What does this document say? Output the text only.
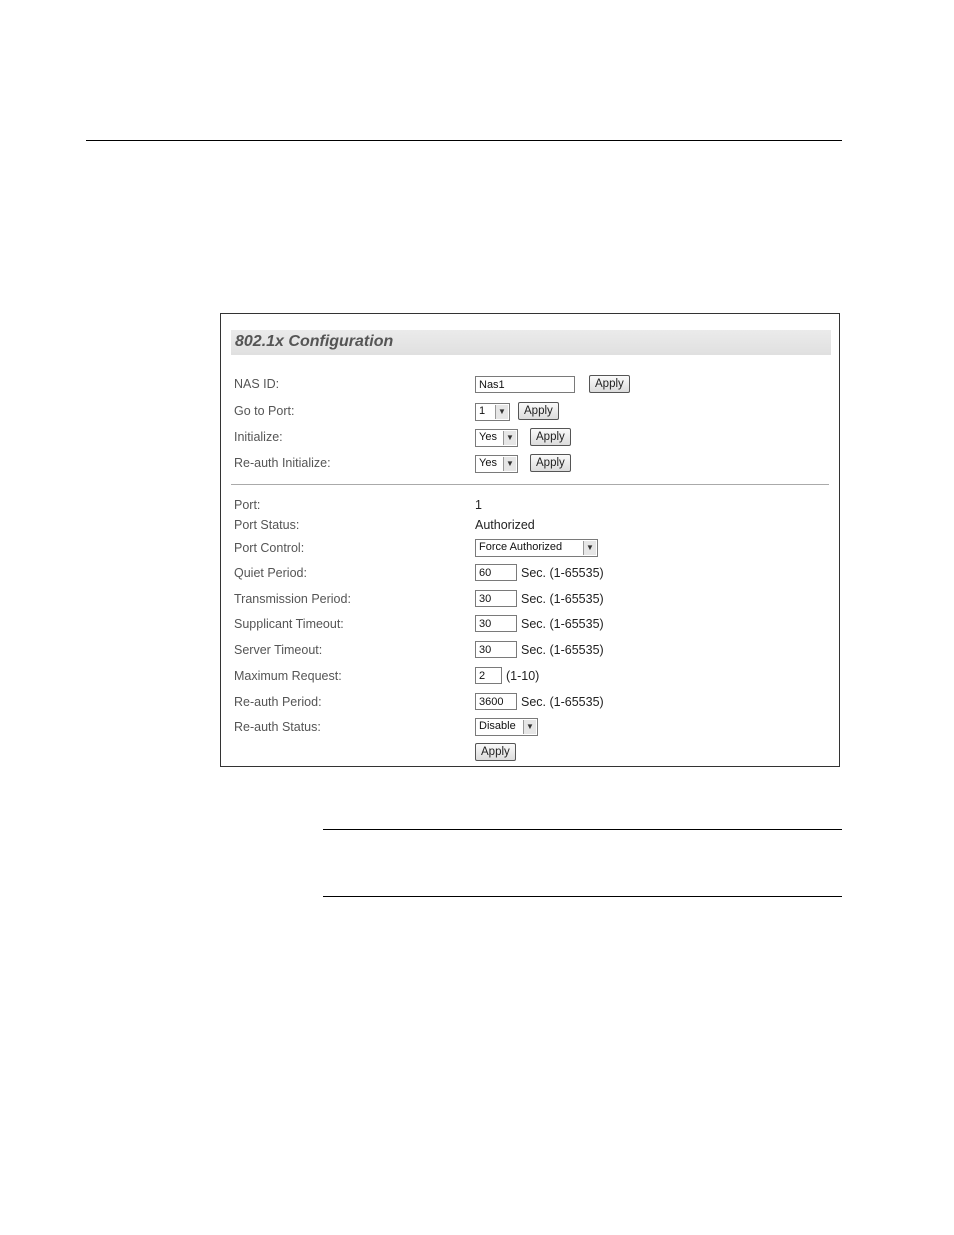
802.1x Configuration
NAS ID:
Nas1	Apply
Go to Port:	1	▼	Apply
Initialize:	Yes	▼	Apply
Re-auth Initialize:	Yes	▼	Apply
Port:	1
Port Status:	Authorized
Port Control:	Force Authorized	▼
Quiet Period:
60	Sec. (1-65535)
Transmission Period:
30	Sec. (1-65535)
Supplicant Timeout:
30	Sec. (1-65535)
Server Timeout:
30	Sec. (1-65535)
Maximum Request:
2	(1-10)
Re-auth Period:
3600	Sec. (1-65535)
Re-auth Status:	Disable	▼
Apply
